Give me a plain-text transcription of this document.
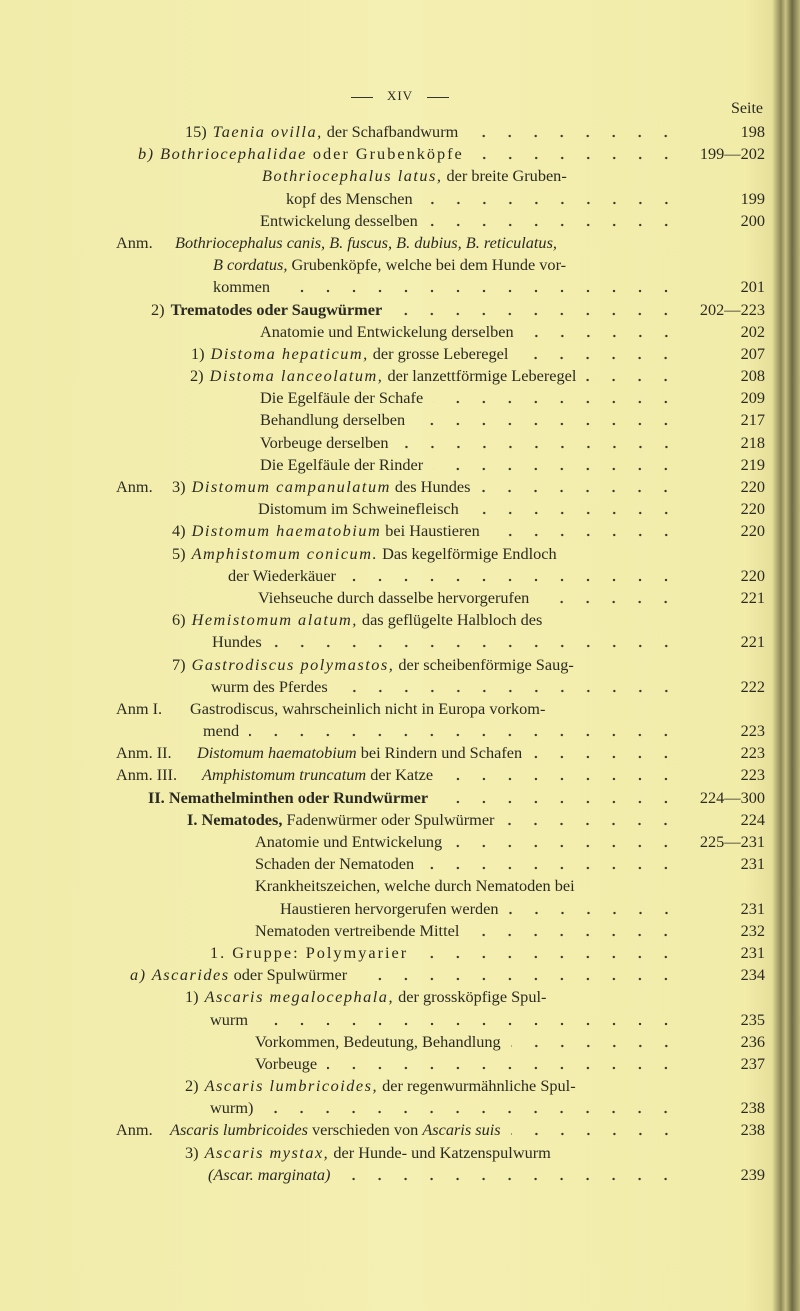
XIV
Seite
15) Taenia ovilla, der Schafbandwurm	198
b) Bothriocephalidae oder Grubenköpfe	199—202
Bothriocephalus latus, der breite Gruben-
kopf des Menschen	199
Entwickelung desselben	200
Anm.	Bothriocephalus canis, B. fuscus, B. dubius, B. reticulatus,
B cordatus, Grubenköpfe, welche bei dem Hunde vor-
kommen	201
2) Trematodes oder Saugwürmer	202—223
Anatomie und Entwickelung derselben	202
1) Distoma hepaticum, der grosse Leberegel	207
2) Distoma lanceolatum, der lanzettförmige Leberegel	208
Die Egelfäule der Schafe	209
Behandlung derselben	217
Vorbeuge derselben	218
Die Egelfäule der Rinder	219
Anm.	3) Distomum campanulatum des Hundes	220
Distomum im Schweinefleisch	220
4) Distomum haematobium bei Haustieren	220
5) Amphistomum conicum. Das kegelförmige Endloch
der Wiederkäuer	220
Viehseuche durch dasselbe hervorgerufen	221
6) Hemistomum alatum, das geflügelte Halbloch des
Hundes	221
7) Gastrodiscus polymastos, der scheibenförmige Saug-
wurm des Pferdes	222
Anm I.	Gastrodiscus, wahrscheinlich nicht in Europa vorkom-
mend	223
Anm. II.	Distomum haematobium bei Rindern und Schafen	223
Anm. III.	Amphistomum truncatum der Katze	223
II. Nemathelminthen oder Rundwürmer	224—300
I. Nematodes, Fadenwürmer oder Spulwürmer	224
Anatomie und Entwickelung	225—231
Schaden der Nematoden	231
Krankheitszeichen, welche durch Nematoden bei
Haustieren hervorgerufen werden	231
Nematoden vertreibende Mittel	232
1. Gruppe: Polymyarier	231
a) Ascarides oder Spulwürmer	234
1) Ascaris megalocephala, der grossköpfige Spul-
wurm	235
Vorkommen, Bedeutung, Behandlung	236
Vorbeuge	237
2) Ascaris lumbricoides, der regenwurmähnliche Spul-
wurm)	238
Anm.	Ascaris lumbricoides verschieden von Ascaris suis	238
3) Ascaris mystax, der Hunde- und Katzenspulwurm
(Ascar. marginata)	239
